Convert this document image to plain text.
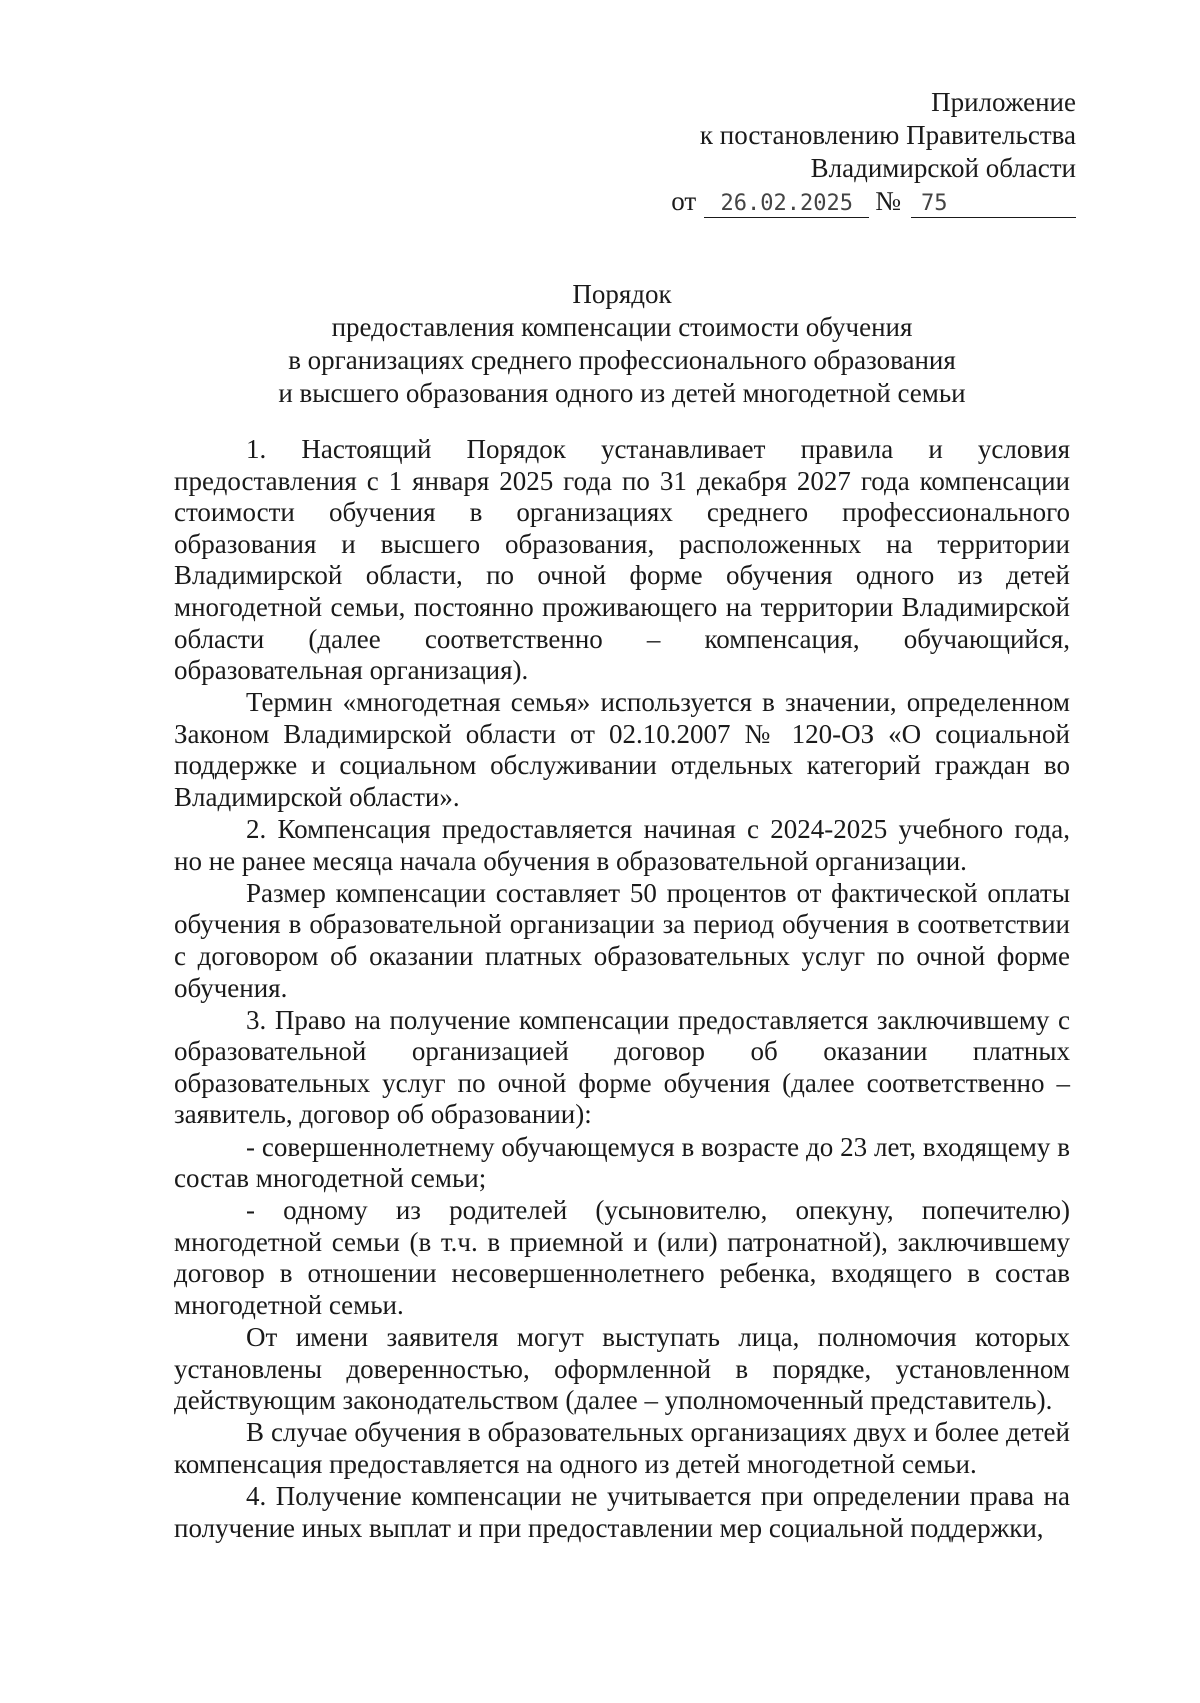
Приложение
к постановлению Правительства
Владимирской области
от 26.02.2025 № 75
Порядок
предоставления компенсации стоимости обучения
в организациях среднего профессионального образования
и высшего образования одного из детей многодетной семьи

1. Настоящий Порядок устанавливает правила и условия предоставления с 1 января 2025 года по 31 декабря 2027 года компенсации стоимости обучения в организациях среднего профессионального образования и высшего образования, расположенных на территории Владимирской области, по очной форме обучения одного из детей многодетной семьи, постоянно проживающего на территории Владимирской области (далее соответственно – компенсация, обучающийся, образовательная организация).

Термин «многодетная семья» используется в значении, определенном Законом Владимирской области от 02.10.2007 № 120-ОЗ «О социальной поддержке и социальном обслуживании отдельных категорий граждан во Владимирской области».

2. Компенсация предоставляется начиная с 2024-2025 учебного года, но не ранее месяца начала обучения в образовательной организации.

Размер компенсации составляет 50 процентов от фактической оплаты обучения в образовательной организации за период обучения в соответствии с договором об оказании платных образовательных услуг по очной форме обучения.

3. Право на получение компенсации предоставляется заключившему с образовательной организацией договор об оказании платных образовательных услуг по очной форме обучения (далее соответственно – заявитель, договор об образовании):

- совершеннолетнему обучающемуся в возрасте до 23 лет, входящему в состав многодетной семьи;

- одному из родителей (усыновителю, опекуну, попечителю) многодетной семьи (в т.ч. в приемной и (или) патронатной), заключившему договор в отношении несовершеннолетнего ребенка, входящего в состав многодетной семьи.

От имени заявителя могут выступать лица, полномочия которых установлены доверенностью, оформленной в порядке, установленном действующим законодательством (далее – уполномоченный представитель).

В случае обучения в образовательных организациях двух и более детей компенсация предоставляется на одного из детей многодетной семьи.

4. Получение компенсации не учитывается при определении права на получение иных выплат и при предоставлении мер социальной поддержки,
